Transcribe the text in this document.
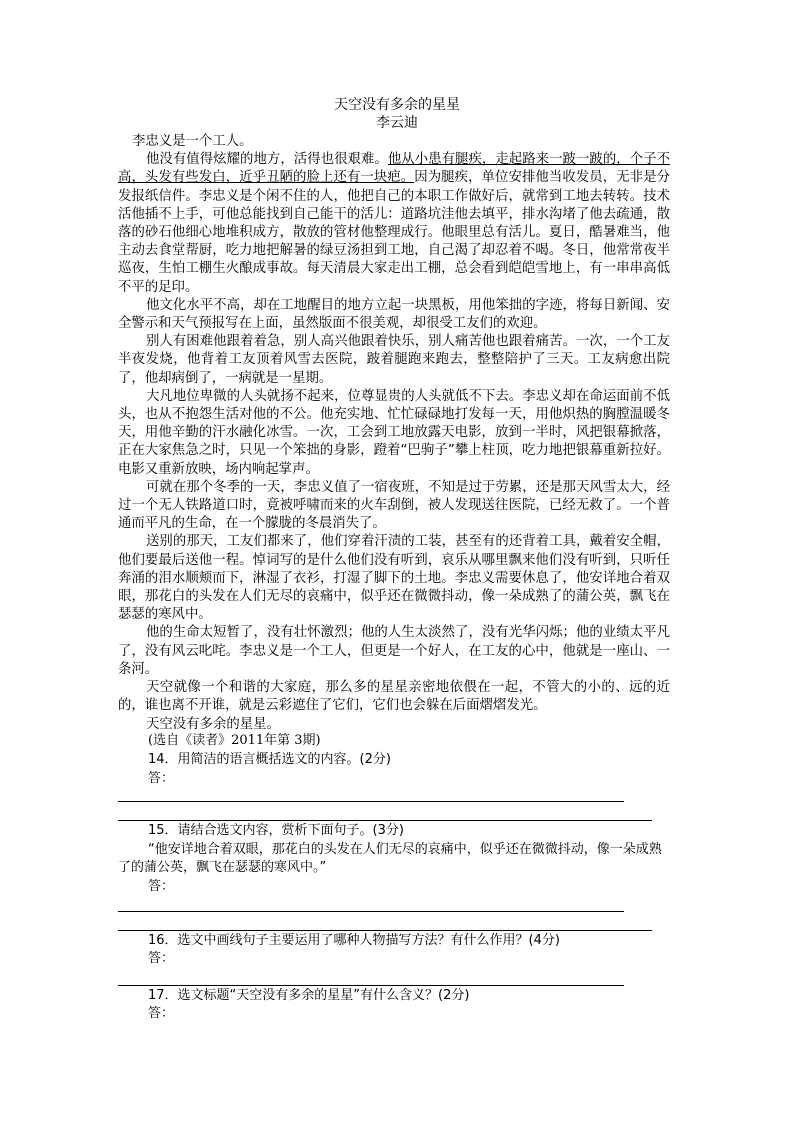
天空没有多余的星星
李云迪

李忠义是一个工人。

他没有值得炫耀的地方，活得也很艰难。他从小患有腿疾，走起路来一跛一跛的，个子不高，头发有些发白，近乎丑陋的脸上还有一块疤。因为腿疾，单位安排他当收发员，无非是分发报纸信件。李忠义是个闲不住的人，他把自己的本职工作做好后，就常到工地去转转。技术活他插不上手，可他总能找到自己能干的活儿：道路坑洼他去填平，排水沟堵了他去疏通，散落的砂石他细心地堆积成方，散放的管材他整理成行。他眼里总有活儿。夏日，酷暑难当，他主动去食堂帮厨，吃力地把解暑的绿豆汤担到工地，自己渴了却忍着不喝。冬日，他常常夜半巡夜，生怕工棚生火酿成事故。每天清晨大家走出工棚，总会看到皑皑雪地上，有一串串高低不平的足印。

他文化水平不高，却在工地醒目的地方立起一块黑板，用他笨拙的字迹，将每日新闻、安全警示和天气预报写在上面，虽然版面不很美观，却很受工友们的欢迎。

别人有困难他跟着着急，别人高兴他跟着快乐，别人痛苦他也跟着痛苦。一次，一个工友半夜发烧，他背着工友顶着风雪去医院，跛着腿跑来跑去，整整陪护了三天。工友病愈出院了，他却病倒了，一病就是一星期。

大凡地位卑微的人头就扬不起来，位尊显贵的人头就低不下去。李忠义却在命运面前不低头，也从不抱怨生活对他的不公。他充实地、忙忙碌碌地打发每一天，用他炽热的胸膛温暖冬天，用他辛勤的汗水融化冰雪。一次，工会到工地放露天电影，放到一半时，风把银幕掀落，正在大家焦急之时，只见一个笨拙的身影，蹬着“巴驹子”攀上柱顶，吃力地把银幕重新拉好。电影又重新放映，场内响起掌声。

可就在那个冬季的一天，李忠义值了一宿夜班，不知是过于劳累，还是那天风雪太大，经过一个无人铁路道口时，竟被呼啸而来的火车刮倒，被人发现送往医院，已经无救了。一个普通而平凡的生命，在一个朦胧的冬晨消失了。

送别的那天，工友们都来了，他们穿着汗渍的工装，甚至有的还背着工具，戴着安全帽，他们要最后送他一程。悼词写的是什么他们没有听到，哀乐从哪里飘来他们没有听到，只听任奔涌的泪水顺颊而下，淋湿了衣衫，打湿了脚下的土地。李忠义需要休息了，他安详地合着双眼，那花白的头发在人们无尽的哀痛中，似乎还在微微抖动，像一朵成熟了的蒲公英，飘飞在瑟瑟的寒风中。

他的生命太短暂了，没有壮怀激烈；他的人生太淡然了，没有光华闪烁；他的业绩太平凡了，没有风云叱咤。李忠义是一个工人，但更是一个好人，在工友的心中，他就是一座山、一条河。

天空就像一个和谐的大家庭，那么多的星星亲密地依偎在一起，不管大的小的、远的近的，谁也离不开谁，就是云彩遮住了它们，它们也会躲在后面熠熠发光。

天空没有多余的星星。

(选自《读者》2011年第 3期)
14．用简洁的语言概括选文的内容。(2分)
答：
15．请结合选文内容，赏析下面句子。(3分)

“他安详地合着双眼，那花白的头发在人们无尽的哀痛中，似乎还在微微抖动，像一朵成熟了的蒲公英，飘飞在瑟瑟的寒风中。”

答：
16．选文中画线句子主要运用了哪种人物描写方法？有什么作用？(4分)
答：
17．选文标题“天空没有多余的星星”有什么含义？(2分)
答：
